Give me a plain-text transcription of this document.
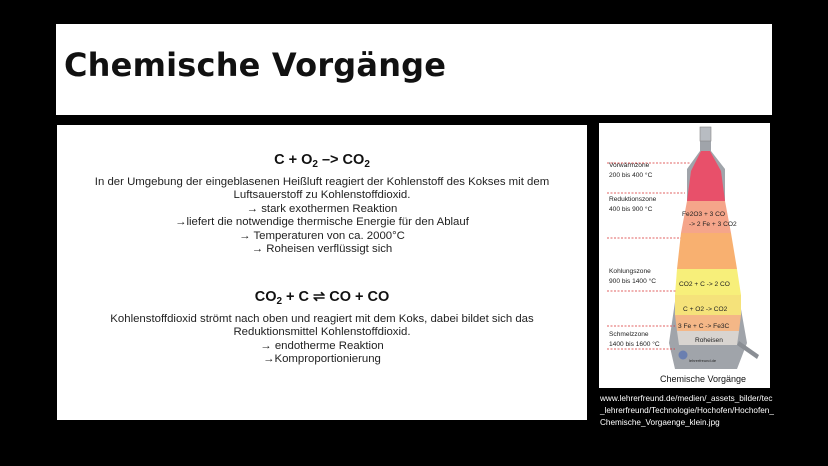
Chemische Vorgänge
$C + O_2 -> CO_2$
In der Umgebung der eingeblasenen Heißluft reagiert der Kohlenstoff des Kokses mit dem
Luftsauerstoff zu Kohlenstoffdioxid.
→ stark exothermen Reaktion
→liefert die notwendige thermische Energie für den Ablauf
→ Temperaturen von ca. 2000°C
→ Roheisen verflüssigt sich
$CO_2 + C$ ⇌ CO + CO
Kohlenstoffdioxid strömt nach oben und reagiert mit dem Koks, dabei bildet sich das
Reduktionsmittel Kohlenstoffdioxid.
→ endotherme Reaktion
→Komproportionierung
Vorwärmzone
200 bis 400 °C
Reduktionszone
400 bis 900 °C
Kohlungszone
900 bis 1400 °C
Schmelzzone
1400 bis 1600 °C
Fe2O3 + 3 CO
-> 2 Fe + 3 CO2
CO2 + C -> 2 CO
C + O2 -> CO2
3 Fe + C -> Fe3C
Roheisen
lehrerfreund.de
Chemische Vorgänge
www.lehrerfreund.de/medien/_assets_bilder/tec_lehrerfreund/Technologie/Hochofen/Hochofen_Chemische_Vorgaenge_klein.jpg
